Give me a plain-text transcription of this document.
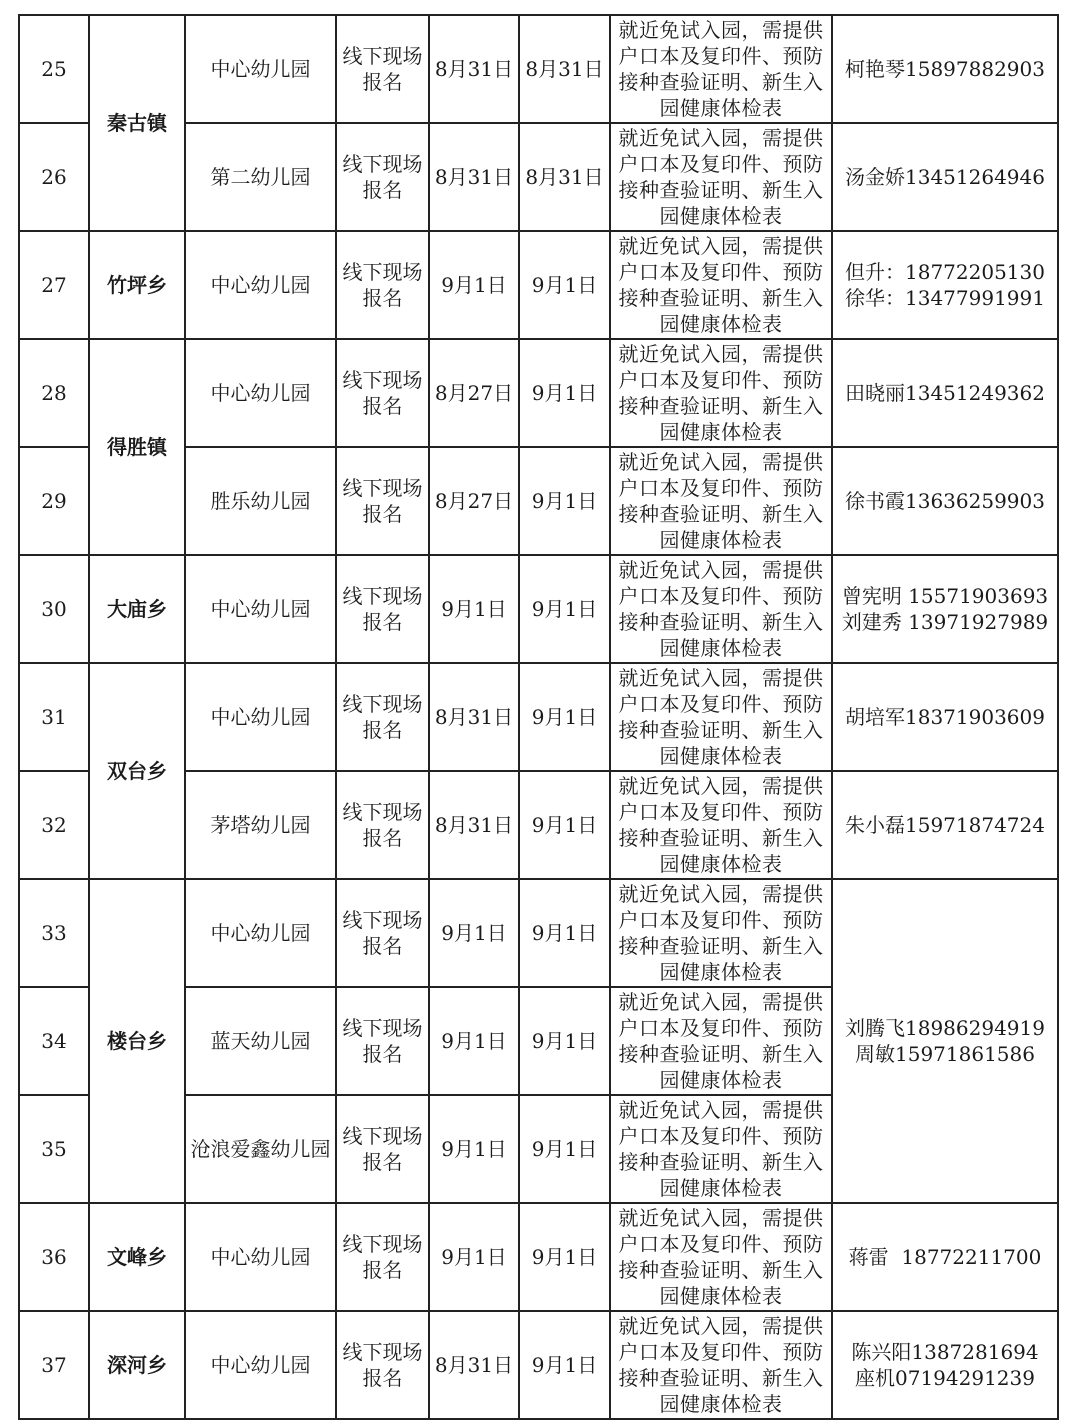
25	秦古镇	中心幼儿园	线下现场报名	8月31日	8月31日	就近免试入园，需提供户口本及复印件、预防接种查验证明、新生入园健康体检表	柯艳琴15897882903
26		第二幼儿园	线下现场报名	8月31日	8月31日	就近免试入园，需提供户口本及复印件、预防接种查验证明、新生入园健康体检表	汤金娇13451264946
27	竹坪乡	中心幼儿园	线下现场报名	9月1日	9月1日	就近免试入园，需提供户口本及复印件、预防接种查验证明、新生入园健康体检表	但升：18772205130
徐华：13477991991

28	得胜镇	中心幼儿园	线下现场报名	8月27日	9月1日	就近免试入园，需提供户口本及复印件、预防接种查验证明、新生入园健康体检表	田晓丽13451249362
29		胜乐幼儿园	线下现场报名	8月27日	9月1日	就近免试入园，需提供户口本及复印件、预防接种查验证明、新生入园健康体检表	徐书霞13636259903
30	大庙乡	中心幼儿园	线下现场报名	9月1日	9月1日	就近免试入园，需提供户口本及复印件、预防接种查验证明、新生入园健康体检表	曾宪明 15571903693
刘建秀 13971927989

31	双台乡	中心幼儿园	线下现场报名	8月31日	9月1日	就近免试入园，需提供户口本及复印件、预防接种查验证明、新生入园健康体检表	胡培军18371903609
32		茅塔幼儿园	线下现场报名	8月31日	9月1日	就近免试入园，需提供户口本及复印件、预防接种查验证明、新生入园健康体检表	朱小磊15971874724
33	楼台乡	中心幼儿园	线下现场报名	9月1日	9月1日	就近免试入园，需提供户口本及复印件、预防接种查验证明、新生入园健康体检表	刘腾飞18986294919
周敏15971861586

34		蓝天幼儿园	线下现场报名	9月1日	9月1日	就近免试入园，需提供户口本及复印件、预防接种查验证明、新生入园健康体检表	
35		沧浪爱鑫幼儿园	线下现场报名	9月1日	9月1日	就近免试入园，需提供户口本及复印件、预防接种查验证明、新生入园健康体检表	
36	文峰乡	中心幼儿园	线下现场报名	9月1日	9月1日	就近免试入园，需提供户口本及复印件、预防接种查验证明、新生入园健康体检表	蒋雷  18772211700
37	深河乡	中心幼儿园	线下现场报名	8月31日	9月1日	就近免试入园，需提供户口本及复印件、预防接种查验证明、新生入园健康体检表	陈兴阳1387281694
座机07194291239
